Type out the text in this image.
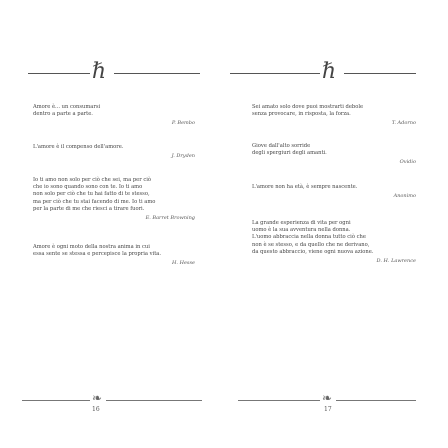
ℏ
Amore è... un consumarsi
dentro a parte a parte.
P. Bembo
L'amore è il compenso dell'amore.
J. Dryden
Io ti amo non solo per ciò che sei, ma per ciò
che io sono quando sono con te. Io ti amo
non solo per ciò che tu hai fatto di te stesso,
ma per ciò che tu stai facendo di me. Io ti amo
per la parte di me che riesci a tirare fuori.
E. Barret Browning
Amore è ogni moto della nostra anima in cui
essa sente se stessa e percepisce la propria vita.
H. Hesse
❧
16
ℏ
Sei amato solo dove puoi mostrarti debole
senza provocare, in risposta, la forza.
T. Adorno
Giove dall'alto sorride
degli spergiuri degli amanti.
Ovidio
L'amore non ha età, è sempre nascente.
Anonimo
La grande esperienza di vita per ogni
uomo è la sua avventura nella donna.
L'uomo abbraccia nella donna tutto ciò che
non è se stesso, e da quello che ne derivano,
da questo abbraccio, viene ogni nuova azione.
D. H. Lawrence
❧
17
